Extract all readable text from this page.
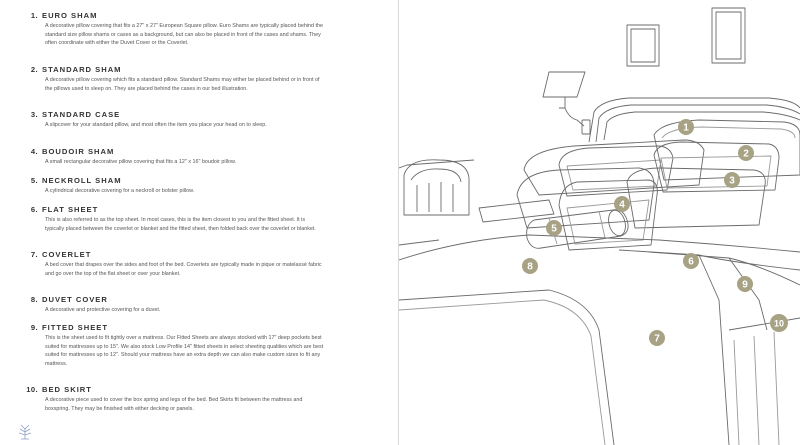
1. EURO SHAM
A decorative pillow covering that fits a 27" x 27" European Square pillow. Euro Shams are typically placed behind the standard size pillow shams or cases as a background, but can also be placed in front of the cases and shams. They often coordinate with either the Duvet Cover or the Coverlet.
2. STANDARD SHAM
A decorative pillow covering which fits a standard pillow. Standard Shams may either be placed behind or in front of the pillows used to sleep on. They are placed behind the cases in our bed illustration.
3. STANDARD CASE
A slipcover for your standard pillow, and most often the item you place your head on to sleep.
4. BOUDOIR SHAM
A small rectangular decorative pillow covering that fits a 12" x 16" boudoir pillow.
5. NECKROLL SHAM
A cylindrical decorative covering for a neckroll or bolster pillow.
6. FLAT SHEET
This is also referred to as the top sheet. In most cases, this is the item closest to you and the fitted sheet. It is typically placed between the coverlet or blanket and the fitted sheet, then folded back over the coverlet or blanket.
7. COVERLET
A bed cover that drapes over the sides and foot of the bed. Coverlets are typically made in pique or matelassé fabric and go over the top of the flat sheet or over your blanket.
8. DUVET COVER
A decorative and protective covering for a duvet.
9. FITTED SHEET
This is the sheet used to fit tightly over a mattress. Our Fitted Sheets are always stocked with 17" deep pockets best suited for mattresses up to 15". We also stock Low Profile 14" fitted sheets in select sheeting qualities which are best suited for mattresses up to 12". Should your mattress have an extra depth we can also make custom sizes to fit any mattress.
10. BED SKIRT
A decorative piece used to cover the box spring and legs of the bed. Bed Skirts fit between the mattress and boxspring. They may be finished with either decking or panels.
1
2
3
4
5
6
7
8
9
10
